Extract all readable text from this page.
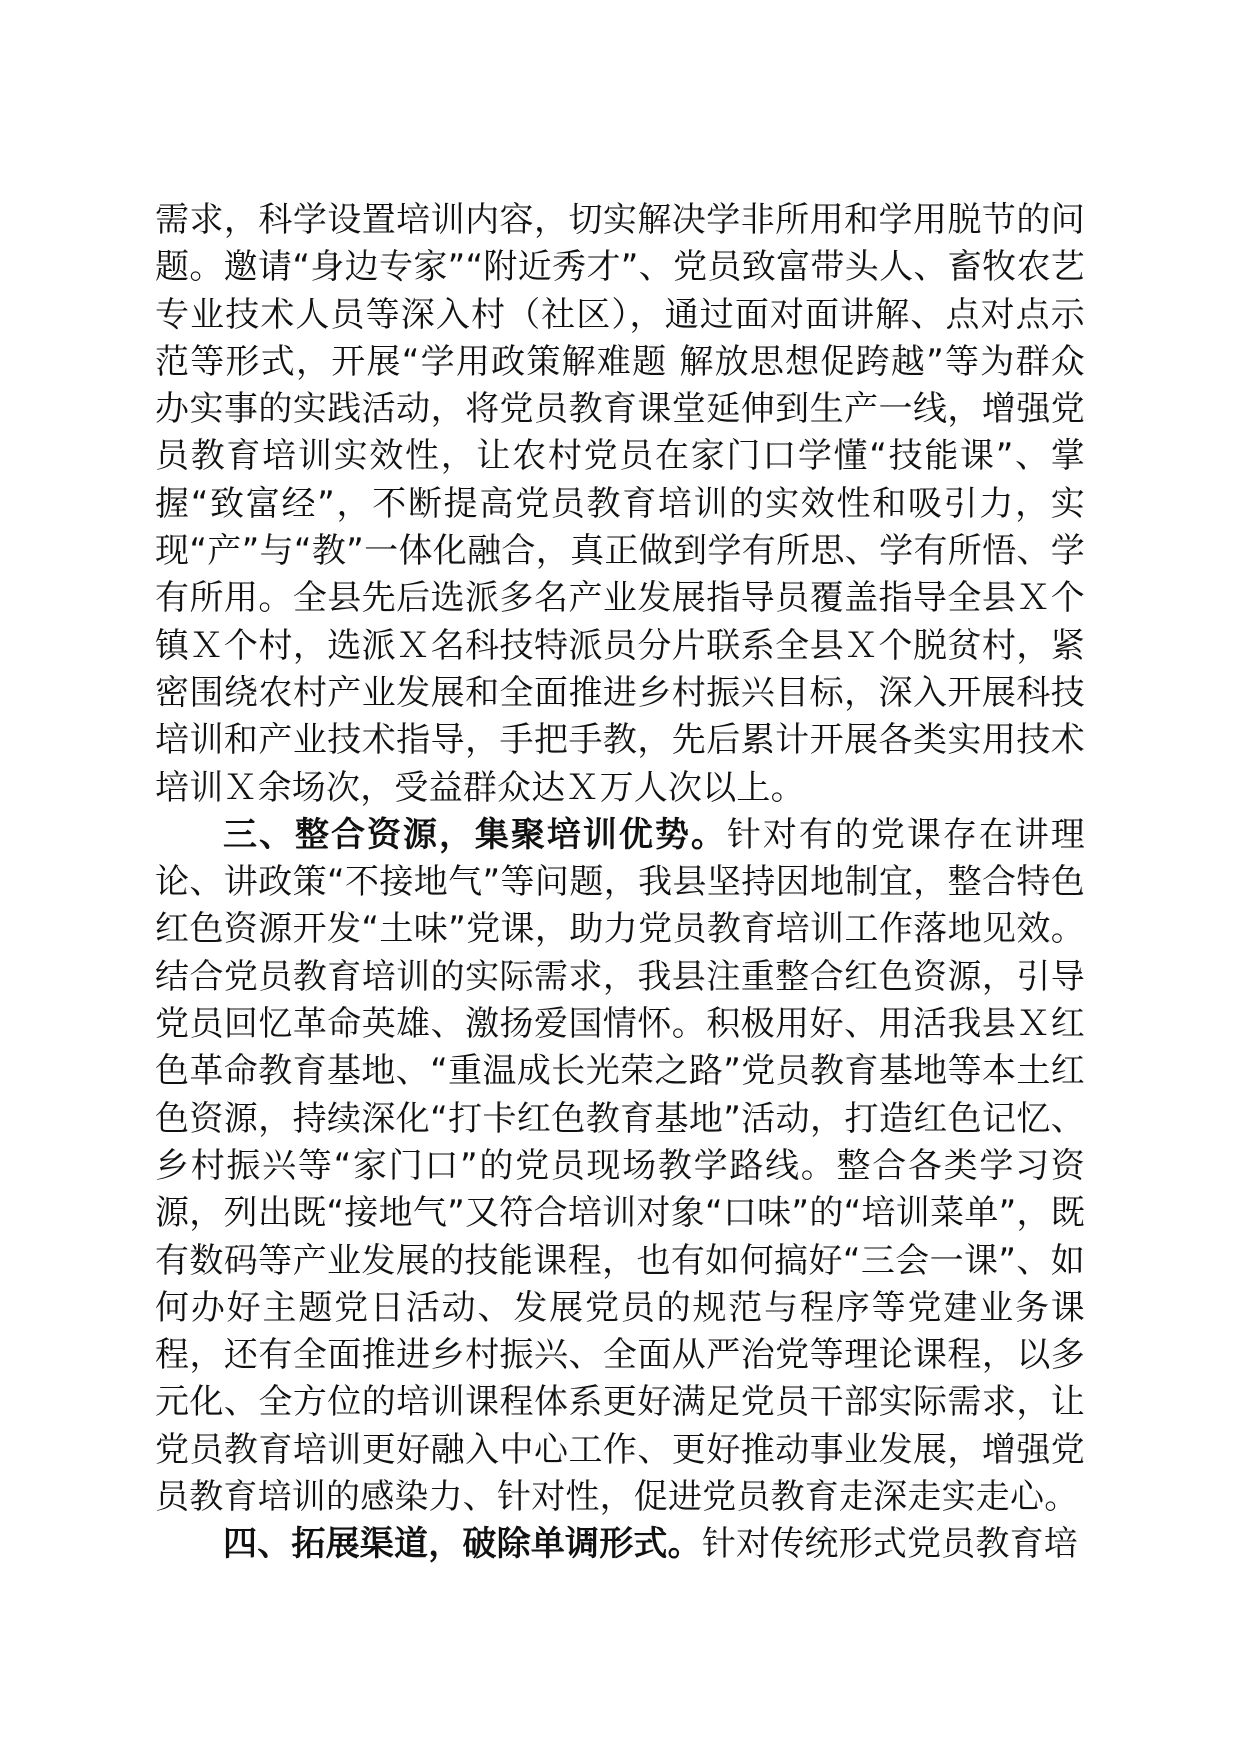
需求，科学设置培训内容，切实解决学非所用和学用脱节的问题。邀请“身边专家”“附近秀才”、党员致富带头人、畜牧农艺专业技术人员等深入村（社区），通过面对面讲解、点对点示范等形式，开展“学用政策解难题 解放思想促跨越”等为群众办实事的实践活动，将党员教育课堂延伸到生产一线，增强党员教育培训实效性，让农村党员在家门口学懂“技能课”、掌握“致富经”，不断提高党员教育培训的实效性和吸引力，实现“产”与“教”一体化融合，真正做到学有所思、学有所悟、学有所用。全县先后选派多名产业发展指导员覆盖指导全县Ｘ个镇Ｘ个村，选派Ｘ名科技特派员分片联系全县Ｘ个脱贫村，紧密围绕农村产业发展和全面推进乡村振兴目标，深入开展科技培训和产业技术指导，手把手教，先后累计开展各类实用技术培训Ｘ余场次，受益群众达Ｘ万人次以上。

三、整合资源，集聚培训优势。针对有的党课存在讲理论、讲政策“不接地气”等问题，我县坚持因地制宜，整合特色红色资源开发“土味”党课，助力党员教育培训工作落地见效。结合党员教育培训的实际需求，我县注重整合红色资源，引导党员回忆革命英雄、激扬爱国情怀。积极用好、用活我县Ｘ红色革命教育基地、“重温成长光荣之路”党员教育基地等本土红色资源，持续深化“打卡红色教育基地”活动，打造红色记忆、乡村振兴等“家门口”的党员现场教学路线。整合各类学习资源，列出既“接地气”又符合培训对象“口味”的“培训菜单”，既有数码等产业发展的技能课程，也有如何搞好“三会一课”、如何办好主题党日活动、发展党员的规范与程序等党建业务课程，还有全面推进乡村振兴、全面从严治党等理论课程，以多元化、全方位的培训课程体系更好满足党员干部实际需求，让党员教育培训更好融入中心工作、更好推动事业发展，增强党员教育培训的感染力、针对性，促进党员教育走深走实走心。

四、拓展渠道，破除单调形式。针对传统形式党员教育培
